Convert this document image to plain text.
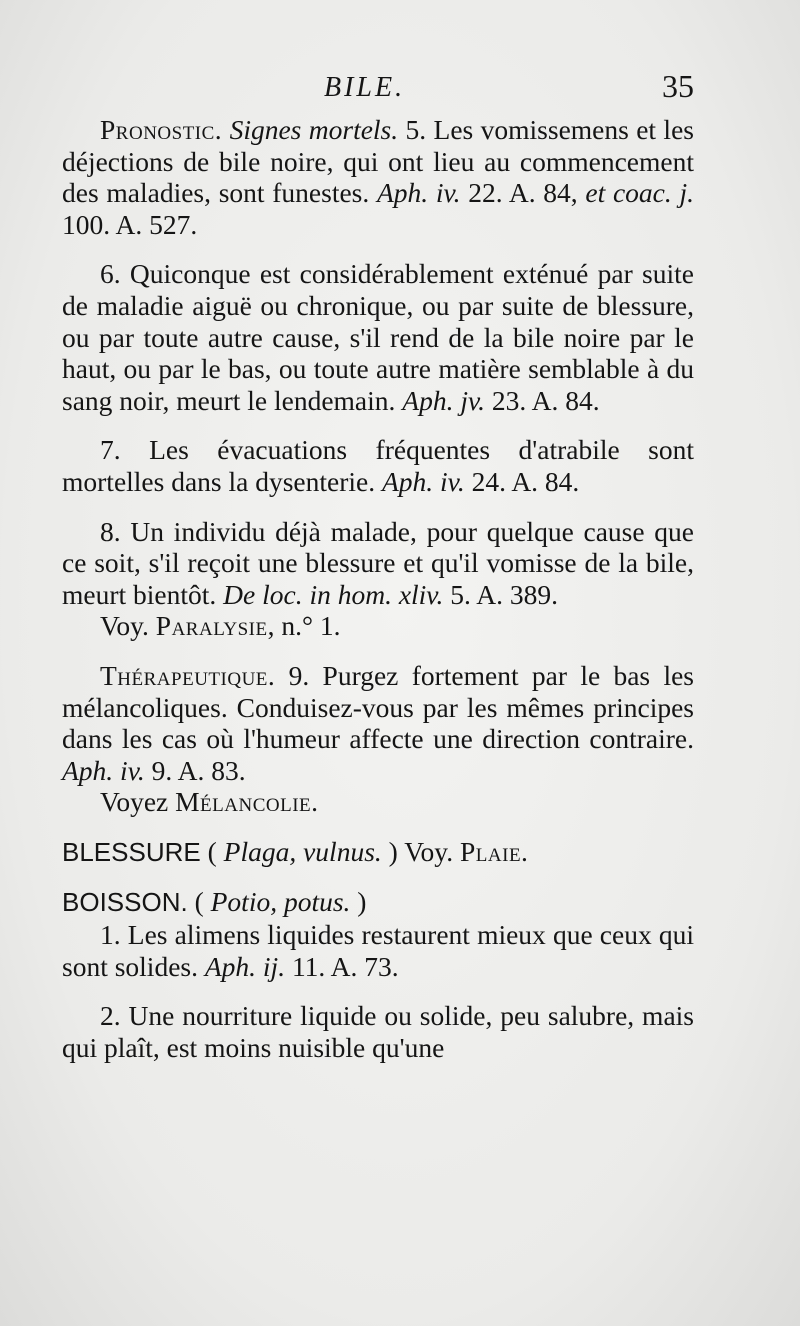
BILE.	35

Pronostic. Signes mortels. 5. Les vomissemens et les déjections de bile noire, qui ont lieu au commencement des maladies, sont funestes. Aph. iv. 22. A. 84, et coac. j. 100. A. 527.

6. Quiconque est considérablement exténué par suite de maladie aiguë ou chronique, ou par suite de blessure, ou par toute autre cause, s'il rend de la bile noire par le haut, ou par le bas, ou toute autre matière semblable à du sang noir, meurt le lendemain. Aph. jv. 23. A. 84.

7. Les évacuations fréquentes d'atrabile sont mortelles dans la dysenterie. Aph. iv. 24. A. 84.

8. Un individu déjà malade, pour quelque cause que ce soit, s'il reçoit une blessure et qu'il vomisse de la bile, meurt bientôt. De loc. in hom. xliv. 5. A. 389.

Voy. Paralysie, n.° 1.

Thérapeutique. 9. Purgez fortement par le bas les mélancoliques. Conduisez-vous par les mêmes principes dans les cas où l'humeur affecte une direction contraire. Aph. iv. 9. A. 83.

Voyez Mélancolie.

BLESSURE ( Plaga, vulnus. ) Voy. Plaie.

BOISSON. ( Potio, potus. )

1. Les alimens liquides restaurent mieux que ceux qui sont solides. Aph. ij. 11. A. 73.

2. Une nourriture liquide ou solide, peu salubre, mais qui plaît, est moins nuisible qu'une
